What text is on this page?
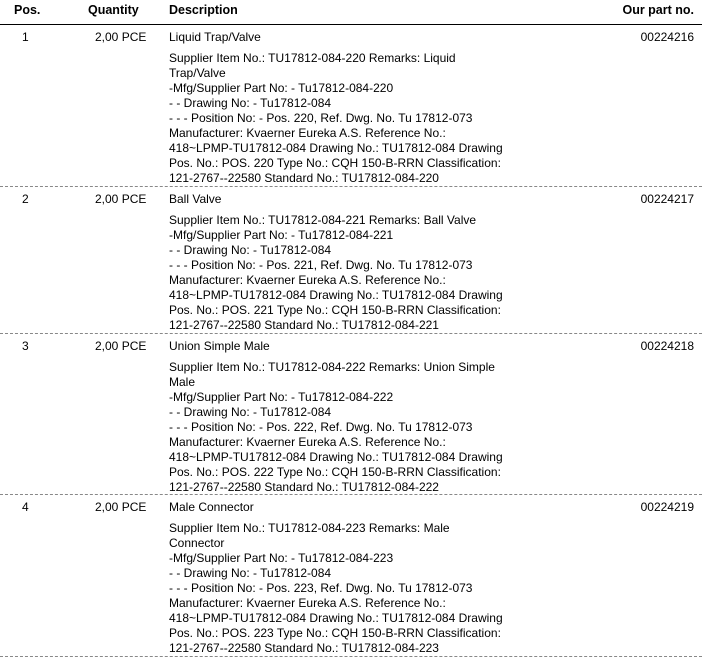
Pos.	Quantity Description	Our part no.
1	2,00 PCE Liquid Trap/Valve	00224216
Supplier Item No.: TU17812-084-220 Remarks: Liquid
Trap/Valve
-Mfg/Supplier Part No: - Tu17812-084-220
- - Drawing No: - Tu17812-084
- - - Position No: - Pos. 220, Ref. Dwg. No. Tu 17812-073
Manufacturer: Kvaerner Eureka A.S. Reference No.:
418~LPMP-TU17812-084 Drawing No.: TU17812-084 Drawing
Pos. No.: POS. 220 Type No.: CQH 150-B-RRN Classification:
121-2767--22580 Standard No.: TU17812-084-220
2	2,00 PCE Ball Valve	00224217
Supplier Item No.: TU17812-084-221 Remarks: Ball Valve
-Mfg/Supplier Part No: - Tu17812-084-221
- - Drawing No: - Tu17812-084
- - - Position No: - Pos. 221, Ref. Dwg. No. Tu 17812-073
Manufacturer: Kvaerner Eureka A.S. Reference No.:
418~LPMP-TU17812-084 Drawing No.: TU17812-084 Drawing
Pos. No.: POS. 221 Type No.: CQH 150-B-RRN Classification:
121-2767--22580 Standard No.: TU17812-084-221
3	2,00 PCE Union Simple Male	00224218
Supplier Item No.: TU17812-084-222 Remarks: Union Simple
Male
-Mfg/Supplier Part No: - Tu17812-084-222
- - Drawing No: - Tu17812-084
- - - Position No: - Pos. 222, Ref. Dwg. No. Tu 17812-073
Manufacturer: Kvaerner Eureka A.S. Reference No.:
418~LPMP-TU17812-084 Drawing No.: TU17812-084 Drawing
Pos. No.: POS. 222 Type No.: CQH 150-B-RRN Classification:
121-2767--22580 Standard No.: TU17812-084-222
4	2,00 PCE Male Connector	00224219
Supplier Item No.: TU17812-084-223 Remarks: Male
Connector
-Mfg/Supplier Part No: - Tu17812-084-223
- - Drawing No: - Tu17812-084
- - - Position No: - Pos. 223, Ref. Dwg. No. Tu 17812-073
Manufacturer: Kvaerner Eureka A.S. Reference No.:
418~LPMP-TU17812-084 Drawing No.: TU17812-084 Drawing
Pos. No.: POS. 223 Type No.: CQH 150-B-RRN Classification:
121-2767--22580 Standard No.: TU17812-084-223
